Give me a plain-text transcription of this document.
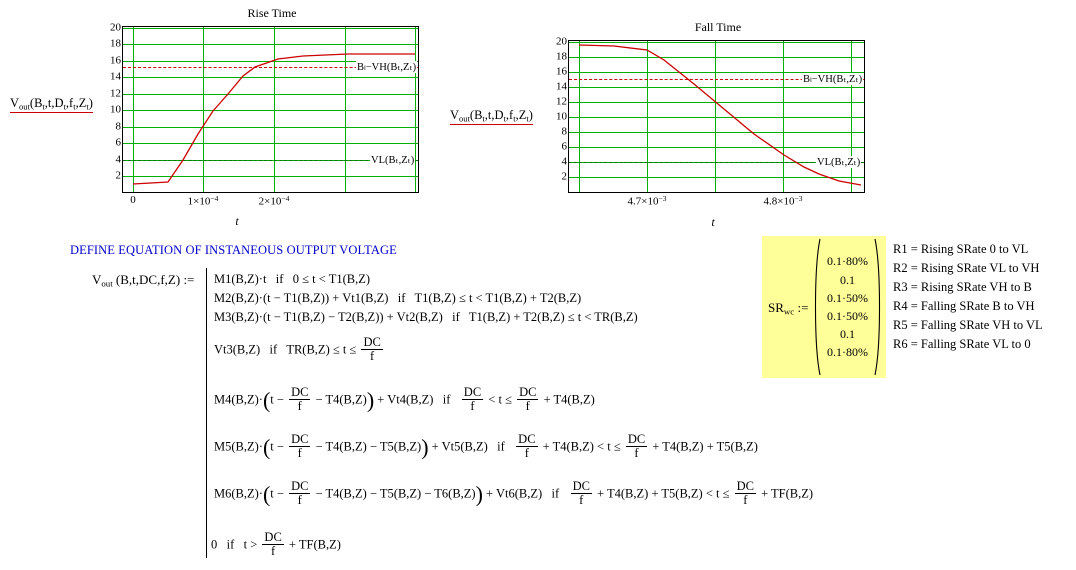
Rise Time
20
18
16
14
12
10
8
6
4
2
0	$1\times 10^{-4}$	$2\times 10^{-4}$
Bₗ−VH(Bₜ,Zₜ)
VL(Bₜ,Zₜ)
t
$V_{out}(B_t,t,D_t,f_t,Z_t)$
Fall Time
20
18
16
14
12
10
8
6
4
2
$4.7\times 10^{-3}$	$4.8\times 10^{-3}$
Bₗ−VH(Bₜ,Zₜ)
VL(Bₜ,Zₜ)
t
$V_{out}(B_t,t,D_t,f_t,Z_t)$
DEFINE EQUATION OF INSTANEOUS OUTPUT VOLTAGE
$V_{out}$ (B,t,DC,f,Z) := M1(B,Z)·t   if   0 ≤ t < T1(B,Z)
M2(B,Z)·(t − T1(B,Z)) + Vt1(B,Z)   if   T1(B,Z) ≤ t < T1(B,Z) + T2(B,Z)
M3(B,Z)·(t − T1(B,Z) − T2(B,Z)) + Vt2(B,Z)   if   T1(B,Z) + T2(B,Z) ≤ t < TR(B,Z)
Vt3(B,Z)   if   $TR(B,Z) \le t \le \frac{DC}{f}$
$M4(B,Z)\cdot(t - \frac{DC}{f} - T4(B,Z)) + Vt4(B,Z)$   if $\frac{DC}{f} < t \le \frac{DC}{f} + T4(B,Z)$
$M5(B,Z)\cdot(t - \frac{DC}{f} - T4(B,Z) - T5(B,Z)) + Vt5(B,Z)$   if $\frac{DC}{f} + T4(B,Z) < t \le \frac{DC}{f} + T4(B,Z) + T5(B,Z)$
$M6(B,Z)\cdot(t - \frac{DC}{f} - T4(B,Z) - T5(B,Z) - T6(B,Z)) + Vt6(B,Z)$   if $\frac{DC}{f} + T4(B,Z) + T5(B,Z) < t \le \frac{DC}{f} + TF(B,Z)$
0   if   $t > \frac{DC}{f} + TF(B,Z)$
$SR_{wc}$ :=
0.1·80%
0.1
0.1·50%
0.1·50%
0.1
0.1·80%
R1 = Rising SRate 0 to VL
R2 = Rising SRate VL to VH
R3 = Rising SRate VH to B
R4 = Falling SRate B to VH
R5 = Falling SRate VH to VL
R6 = Falling SRate VL to 0
